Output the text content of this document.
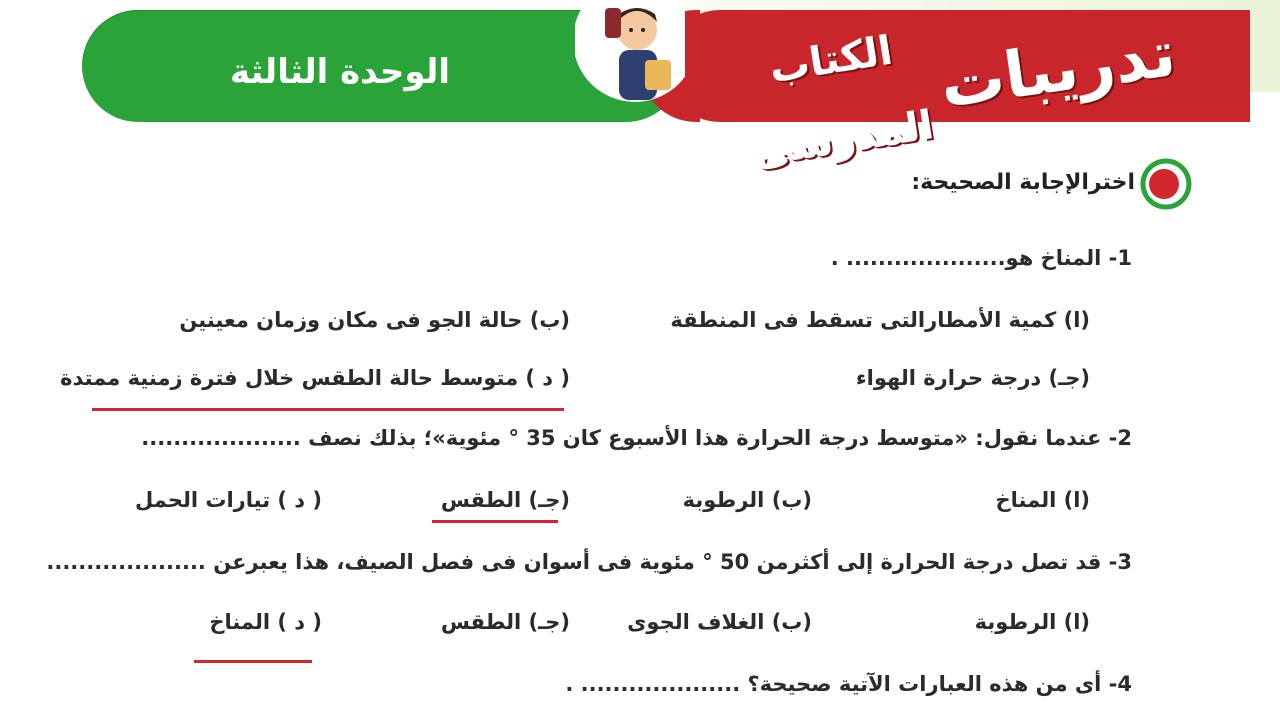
الوحدة الثالثة	تدريبات
الكتاب المدرسى
اخترالإجابة الصحيحة:
1- المناخ هو.................... .
(ا) كمية الأمطارالتى تسقط فى المنطقة
(ب) حالة الجو فى مكان وزمان معينين
(جـ) درجة حرارة الهواء
( د ) متوسط حالة الطقس خلال فترة زمنية ممتدة
2- عندما نقول: «متوسط درجة الحرارة هذا الأسبوع كان 35 ° مئوية»؛ بذلك نصف ....................
(ا) المناخ
(ب) الرطوبة
(جـ) الطقس
( د ) تيارات الحمل
3- قد تصل درجة الحرارة إلى أكثرمن 50 ° مئوية فى أسوان فى فصل الصيف، هذا يعبرعن ....................
(ا) الرطوبة
(ب) الغلاف الجوى
(جـ) الطقس
( د ) المناخ
4- أى من هذه العبارات الآتية صحيحة؟ .................... .
